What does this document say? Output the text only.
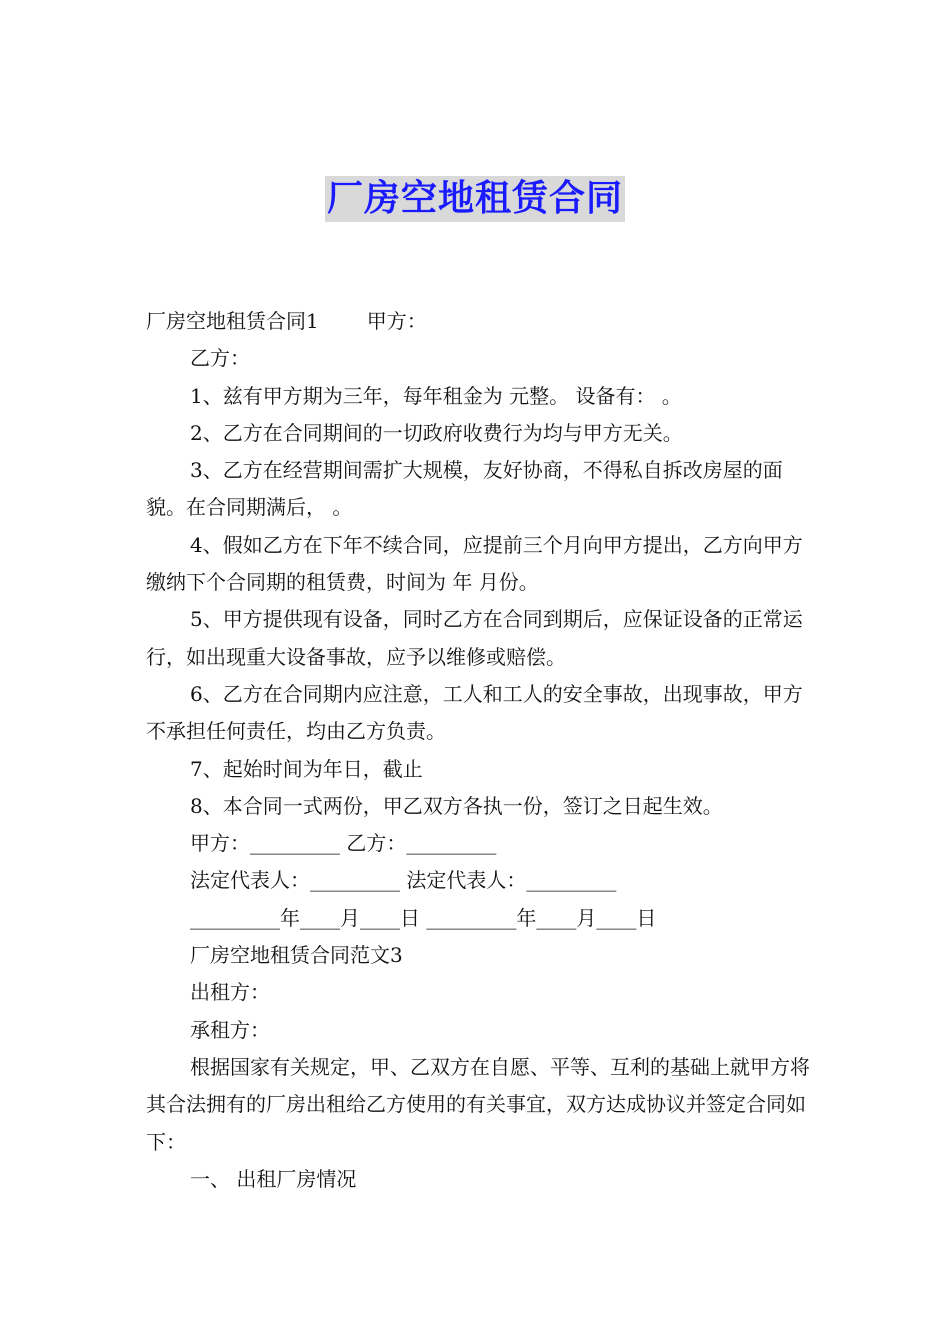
厂房空地租赁合同

厂房空地租赁合同1 甲方：

乙方：

1、兹有甲方期为三年，每年租金为 元整。 设备有： 。

2、乙方在合同期间的一切政府收费行为均与甲方无关。

3、乙方在经营期间需扩大规模，友好协商，不得私自拆改房屋的面貌。在合同期满后， 。

4、假如乙方在下年不续合同，应提前三个月向甲方提出，乙方向甲方缴纳下个合同期的租赁费，时间为 年 月份。

5、甲方提供现有设备，同时乙方在合同到期后，应保证设备的正常运行，如出现重大设备事故，应予以维修或赔偿。

6、乙方在合同期内应注意，工人和工人的安全事故，出现事故，甲方不承担任何责任，均由乙方负责。

7、起始时间为年日，截止

8、本合同一式两份，甲乙双方各执一份，签订之日起生效。

甲方：_________ 乙方：_________

法定代表人：_________ 法定代表人：_________

_________年____月____日 _________年____月____日

厂房空地租赁合同范文3

出租方：

承租方：

根据国家有关规定，甲、乙双方在自愿、平等、互利的基础上就甲方将其合法拥有的厂房出租给乙方使用的有关事宜，双方达成协议并签定合同如下：

一、 出租厂房情况
